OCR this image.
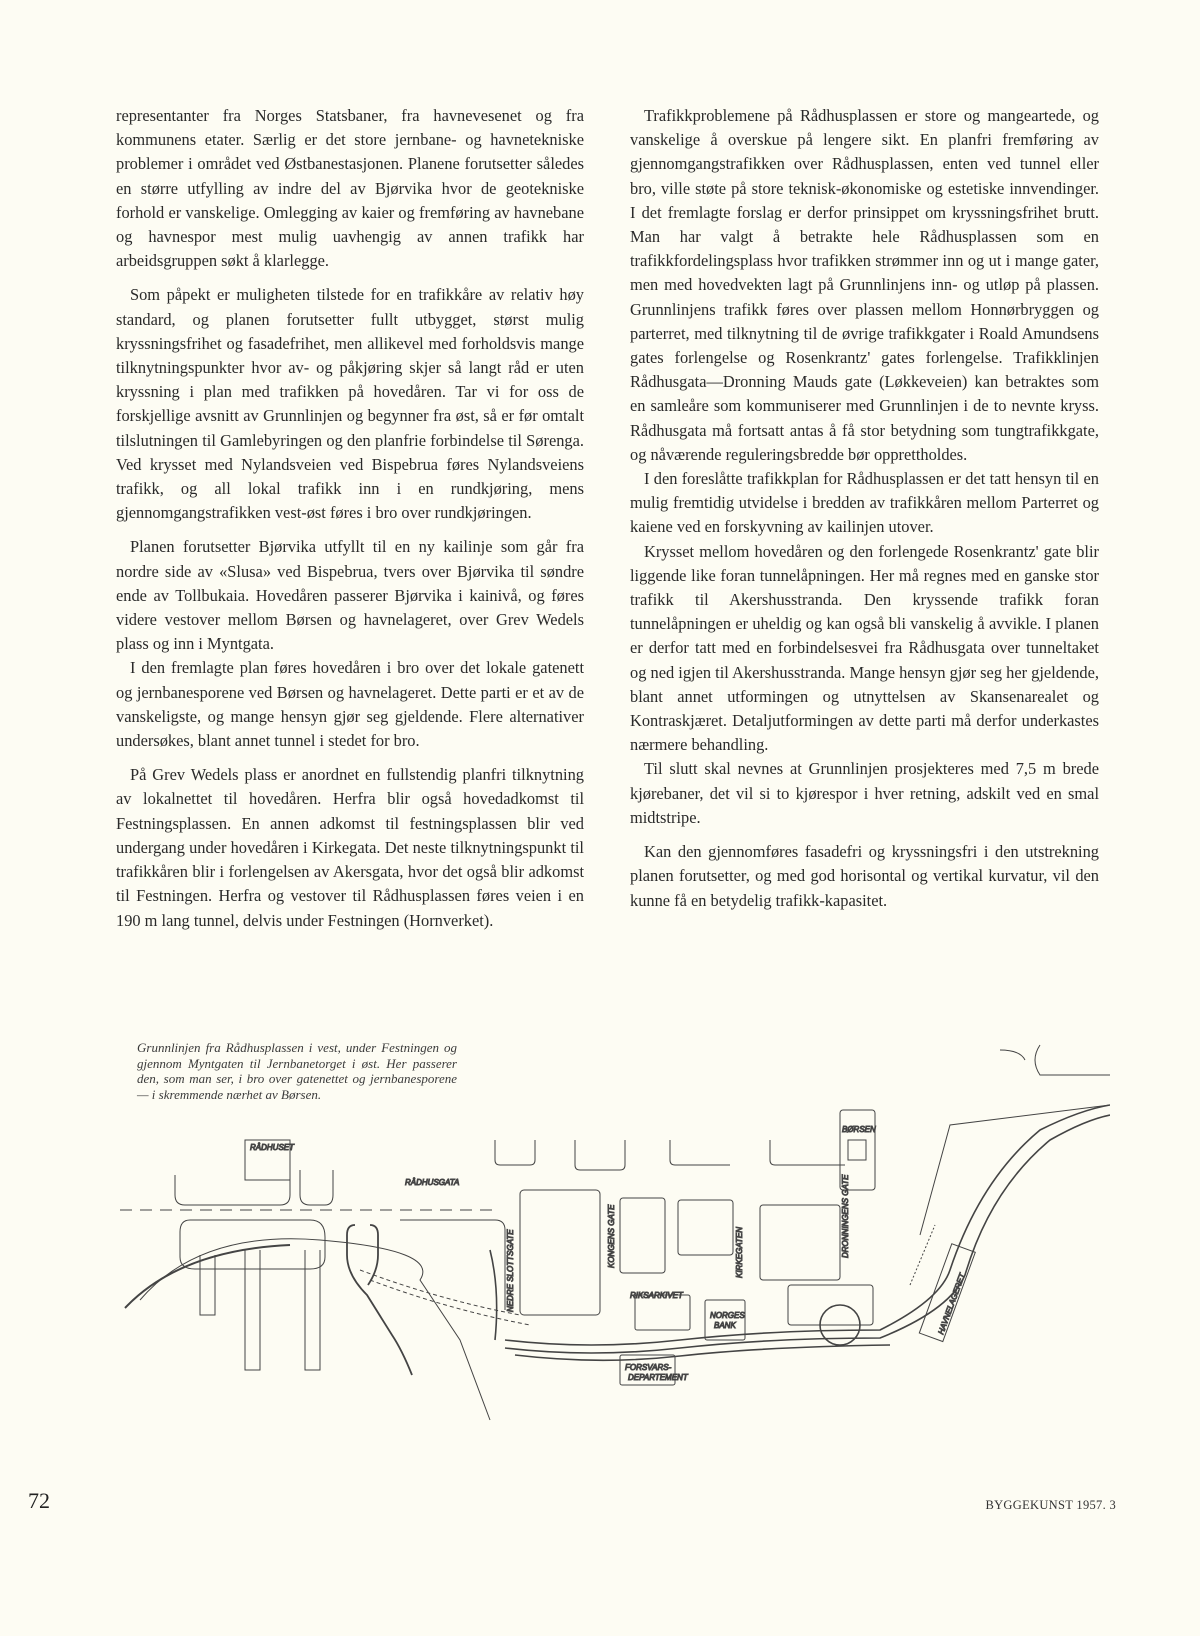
representanter fra Norges Statsbaner, fra havnevesenet og fra kommunens etater. Særlig er det store jernbane- og havnetekniske problemer i området ved Østbanestasjonen. Planene forutsetter således en større utfylling av indre del av Bjørvika hvor de geotekniske forhold er vanskelige. Omlegging av kaier og fremføring av havnebane og havnespor mest mulig uavhengig av annen trafikk har arbeidsgruppen søkt å klarlegge.

Som påpekt er muligheten tilstede for en trafikkåre av relativ høy standard, og planen forutsetter fullt utbygget, størst mulig kryssningsfrihet og fasadefrihet, men allikevel med forholdsvis mange tilknytningspunkter hvor av- og påkjøring skjer så langt råd er uten kryssning i plan med trafikken på hovedåren. Tar vi for oss de forskjellige avsnitt av Grunnlinjen og begynner fra øst, så er før omtalt tilslutningen til Gamlebyringen og den planfrie forbindelse til Sørenga. Ved krysset med Nylandsveien ved Bispebrua føres Nylandsveiens trafikk, og all lokal trafikk inn i en rundkjøring, mens gjennomgangstrafikken vest-øst føres i bro over rundkjøringen.

Planen forutsetter Bjørvika utfyllt til en ny kailinje som går fra nordre side av «Slusa» ved Bispebrua, tvers over Bjørvika til søndre ende av Tollbukaia. Hovedåren passerer Bjørvika i kainivå, og føres videre vestover mellom Børsen og havnelageret, over Grev Wedels plass og inn i Myntgata.

I den fremlagte plan føres hovedåren i bro over det lokale gatenett og jernbanesporene ved Børsen og havnelageret. Dette parti er et av de vanskeligste, og mange hensyn gjør seg gjeldende. Flere alternativer undersøkes, blant annet tunnel i stedet for bro.

På Grev Wedels plass er anordnet en fullstendig planfri tilknytning av lokalnettet til hovedåren. Herfra blir også hovedadkomst til Festningsplassen. En annen adkomst til festningsplassen blir ved undergang under hovedåren i Kirkegata. Det neste tilknytningspunkt til trafikkåren blir i forlengelsen av Akersgata, hvor det også blir adkomst til Festningen. Herfra og vestover til Rådhusplassen føres veien i en 190 m lang tunnel, delvis under Festningen (Hornverket).

Trafikkproblemene på Rådhusplassen er store og mangeartede, og vanskelige å overskue på lengere sikt. En planfri fremføring av gjennomgangstrafikken over Rådhusplassen, enten ved tunnel eller bro, ville støte på store teknisk-økonomiske og estetiske innvendinger. I det fremlagte forslag er derfor prinsippet om kryssningsfrihet brutt. Man har valgt å betrakte hele Rådhusplassen som en trafikkfordelingsplass hvor trafikken strømmer inn og ut i mange gater, men med hovedvekten lagt på Grunnlinjens inn- og utløp på plassen. Grunnlinjens trafikk føres over plassen mellom Honnørbryggen og parterret, med tilknytning til de øvrige trafikkgater i Roald Amundsens gates forlengelse og Rosenkrantz' gates forlengelse. Trafikklinjen Rådhusgata—Dronning Mauds gate (Løkkeveien) kan betraktes som en samleåre som kommuniserer med Grunnlinjen i de to nevnte kryss. Rådhusgata må fortsatt antas å få stor betydning som tungtrafikkgate, og nåværende reguleringsbredde bør opprettholdes.

I den foreslåtte trafikkplan for Rådhusplassen er det tatt hensyn til en mulig fremtidig utvidelse i bredden av trafikkåren mellom Parterret og kaiene ved en forskyvning av kailinjen utover.

Krysset mellom hovedåren og den forlengede Rosenkrantz' gate blir liggende like foran tunnelåpningen. Her må regnes med en ganske stor trafikk til Akershusstranda. Den kryssende trafikk foran tunnelåpningen er uheldig og kan også bli vanskelig å avvikle. I planen er derfor tatt med en forbindelsesvei fra Rådhusgata over tunneltaket og ned igjen til Akershusstranda. Mange hensyn gjør seg her gjeldende, blant annet utformingen og utnyttelsen av Skansenarealet og Kontraskjæret. Detaljutformingen av dette parti må derfor underkastes nærmere behandling.

Til slutt skal nevnes at Grunnlinjen prosjekteres med 7,5 m brede kjørebaner, det vil si to kjørespor i hver retning, adskilt ved en smal midtstripe.

Kan den gjennomføres fasadefri og kryssningsfri i den utstrekning planen forutsetter, og med god horisontal og vertikal kurvatur, vil den kunne få en betydelig trafikk-kapasitet.

RÅDHUSET
RÅDHUSGATA
NEDRE SLOTTSGATE	KONGENS GATE	KIRKEGATEN	DRONNINGENS GATE
RIKSARKIVET
NORGES
BANK
FORSVARS-
DEPARTEMENT
BØRSEN
HAVNELAGERET
Grunnlinjen fra Rådhusplassen i vest, under Festningen og gjennom Myntgaten til Jernbanetorget i øst. Her passerer den, som man ser, i bro over gatenettet og jernbanesporene — i skremmende nærhet av Børsen.
72	BYGGEKUNST 1957. 3
